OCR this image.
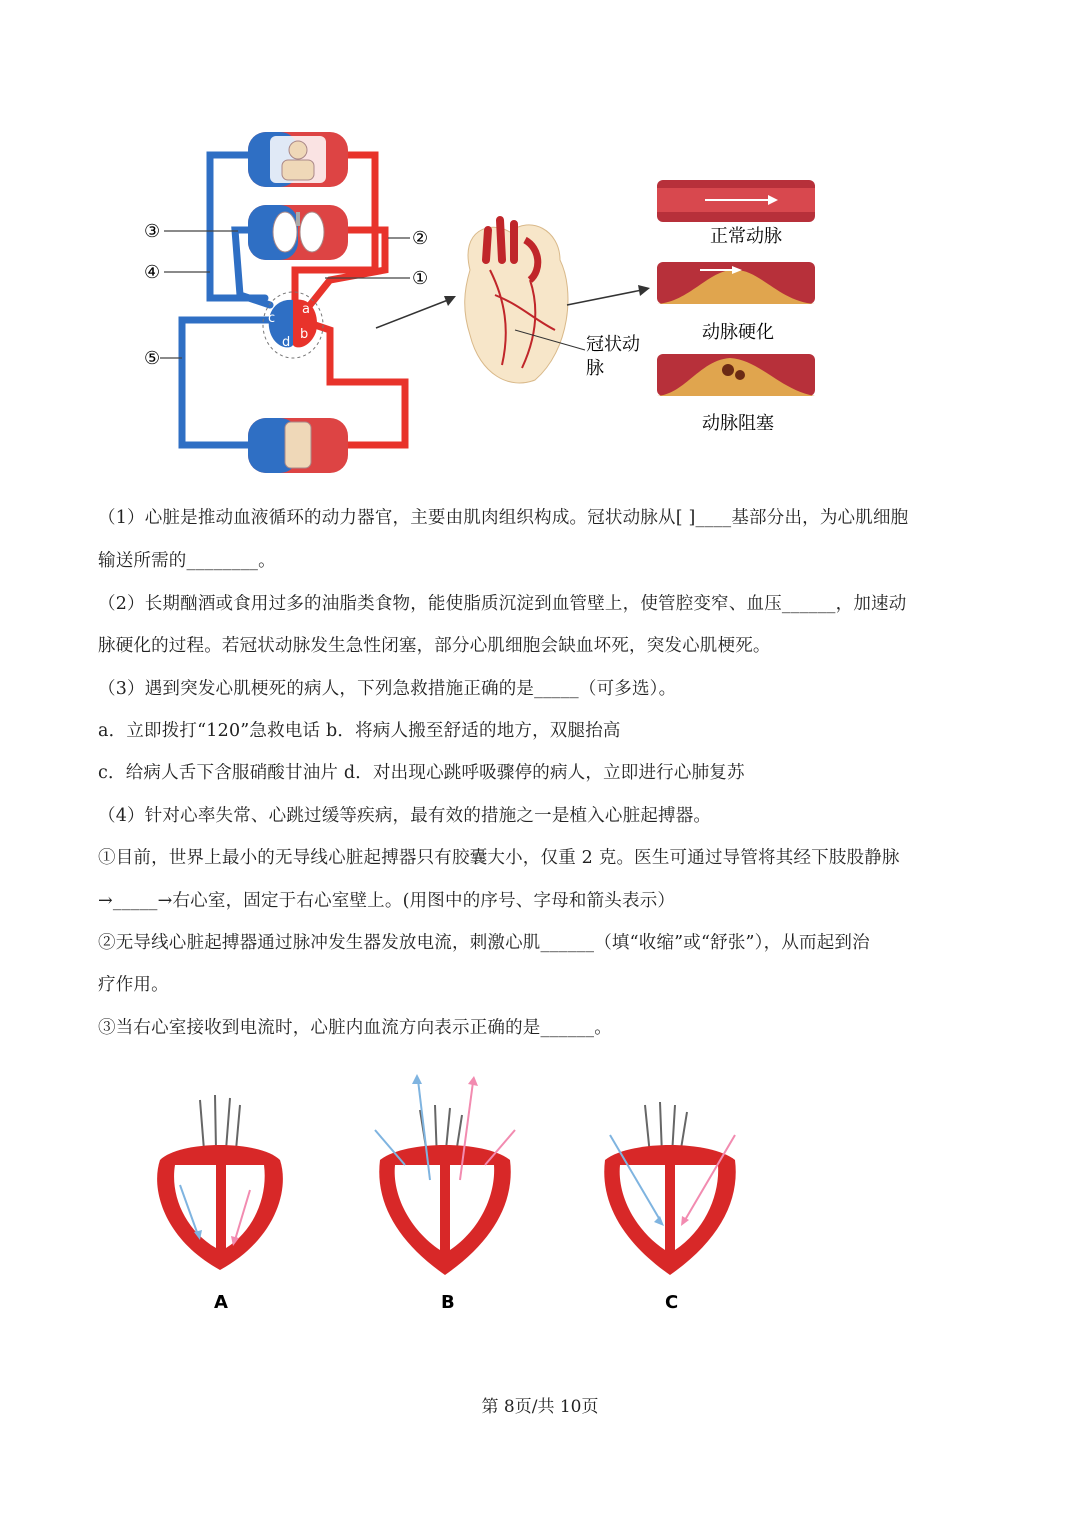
c
a
b
d
③
④
⑤
②
①
冠状动
脉
正常动脉
动脉硬化
动脉阻塞
（1）心脏是推动血液循环的动力器官，主要由肌肉组织构成。冠状动脉从[ ]____基部分出，为心肌细胞
输送所需的________。
（2）长期酗酒或食用过多的油脂类食物，能使脂质沉淀到血管壁上，使管腔变窄、血压______，加速动
脉硬化的过程。若冠状动脉发生急性闭塞，部分心肌细胞会缺血坏死，突发心肌梗死。
（3）遇到突发心肌梗死的病人，下列急救措施正确的是_____（可多选）。
a．立即拨打“120”急救电话 b．将病人搬至舒适的地方，双腿抬高
c．给病人舌下含服硝酸甘油片 d．对出现心跳呼吸骤停的病人，立即进行心肺复苏
（4）针对心率失常、心跳过缓等疾病，最有效的措施之一是植入心脏起搏器。
①目前，世界上最小的无导线心脏起搏器只有胶囊大小，仅重 2 克。医生可通过导管将其经下肢股静脉
→_____→右心室，固定于右心室壁上。(用图中的序号、字母和箭头表示）
②无导线心脏起搏器通过脉冲发生器发放电流，刺激心肌______（填“收缩”或“舒张”），从而起到治
疗作用。
③当右心室接收到电流时，心脏内血流方向表示正确的是______。
A	B	C
第 8页/共 10页
